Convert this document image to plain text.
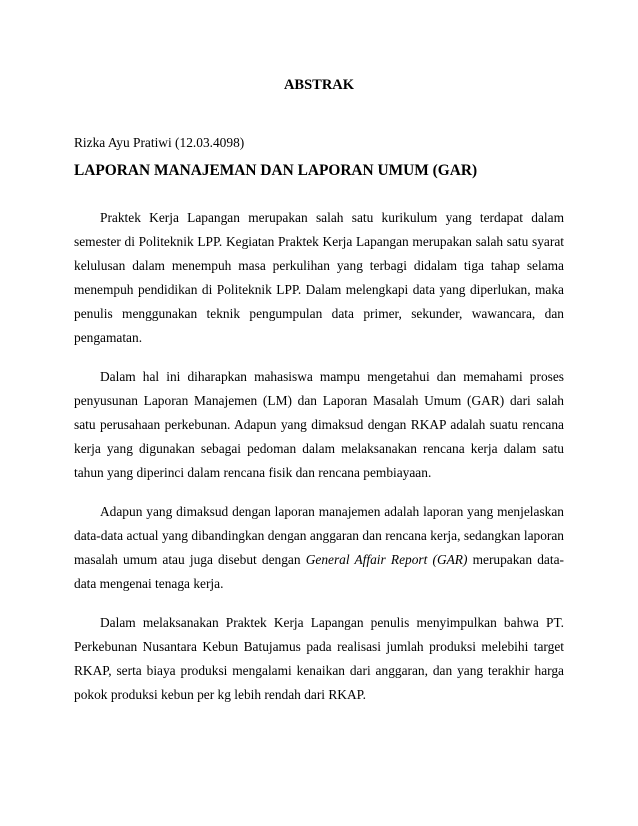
ABSTRAK
Rizka Ayu Pratiwi (12.03.4098)
LAPORAN MANAJEMAN DAN LAPORAN UMUM (GAR)

Praktek Kerja Lapangan merupakan salah satu kurikulum yang terdapat dalam semester di Politeknik LPP. Kegiatan Praktek Kerja Lapangan merupakan salah satu syarat kelulusan dalam menempuh masa perkulihan yang terbagi didalam tiga tahap selama menempuh pendidikan di Politeknik LPP. Dalam melengkapi data yang diperlukan, maka penulis menggunakan teknik pengumpulan data primer, sekunder, wawancara, dan pengamatan.

Dalam hal ini diharapkan mahasiswa mampu mengetahui dan memahami proses penyusunan Laporan Manajemen (LM) dan Laporan Masalah Umum (GAR) dari salah satu perusahaan perkebunan. Adapun yang dimaksud dengan RKAP adalah suatu rencana kerja yang digunakan sebagai pedoman dalam melaksanakan rencana kerja dalam satu tahun yang diperinci dalam rencana fisik dan rencana pembiayaan.

Adapun yang dimaksud dengan laporan manajemen adalah laporan yang menjelaskan data-data actual yang dibandingkan dengan anggaran dan rencana kerja, sedangkan laporan masalah umum atau juga disebut dengan General Affair Report (GAR) merupakan data-data mengenai tenaga kerja.

Dalam melaksanakan Praktek Kerja Lapangan penulis menyimpulkan bahwa PT. Perkebunan Nusantara Kebun Batujamus pada realisasi jumlah produksi melebihi target RKAP, serta biaya produksi mengalami kenaikan dari anggaran, dan yang terakhir harga pokok produksi kebun per kg lebih rendah dari RKAP.
